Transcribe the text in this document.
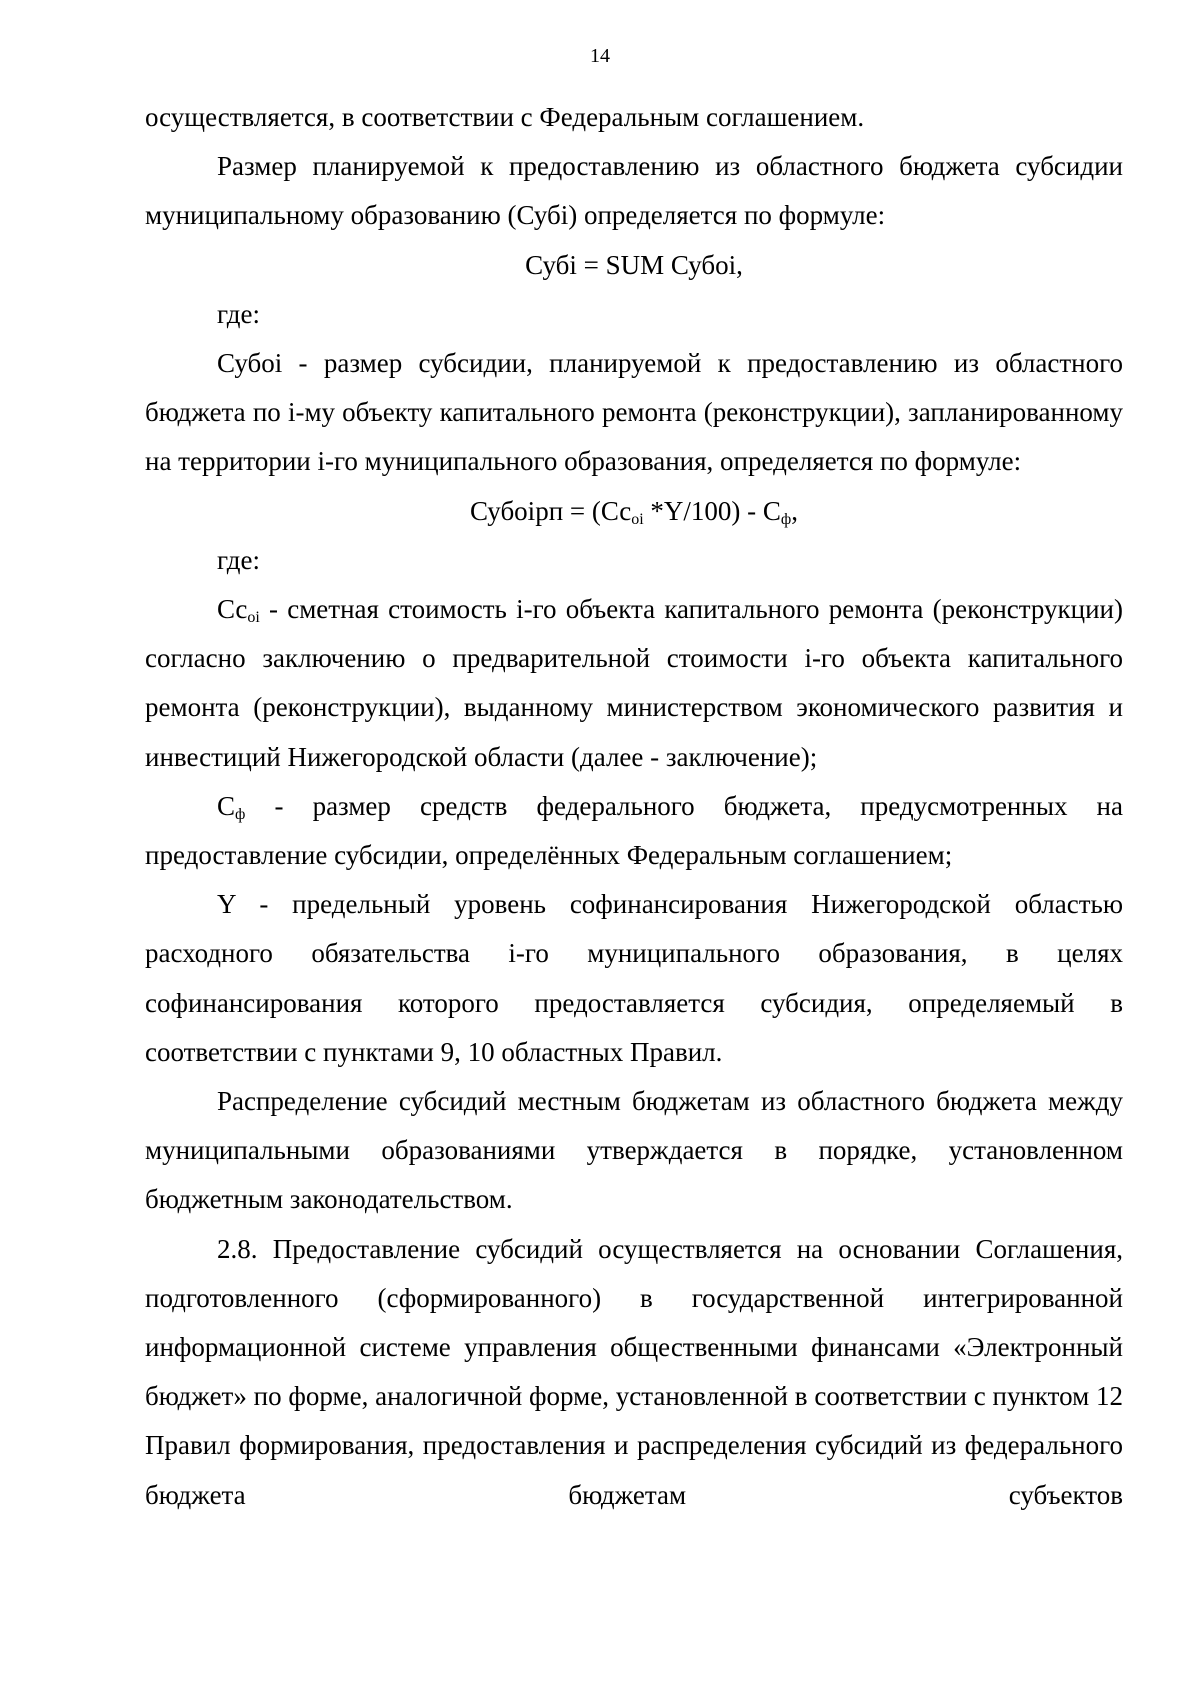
14

осуществляется, в соответствии с Федеральным соглашением.

Размер планируемой к предоставлению из областного бюджета субсидии муниципальному образованию (Субi) определяется по формуле:

Субi = SUM Субоi,

где:

Субоi - размер субсидии, планируемой к предоставлению из областного бюджета по i-му объекту капитального ремонта (реконструкции), запланированному на территории i-го муниципального образования, определяется по формуле:

Субоiрп = ($Сс_{oi}$ $*Y/100) - С_ф$,

где:

$Сс_{oi}$ - сметная стоимость i-го объекта капитального ремонта (реконструкции) согласно заключению о предварительной стоимости i-го объекта капитального ремонта (реконструкции), выданному министерством экономического развития и инвестиций Нижегородской области (далее - заключение);

$С_ф$ - размер средств федерального бюджета, предусмотренных на предоставление субсидии, определённых Федеральным соглашением;

Y - предельный уровень софинансирования Нижегородской областью расходного обязательства i-го муниципального образования, в целях софинансирования которого предоставляется субсидия, определяемый в соответствии с пунктами 9, 10 областных Правил.

Распределение субсидий местным бюджетам из областного бюджета между муниципальными образованиями утверждается в порядке, установленном бюджетным законодательством.

2.8. Предоставление субсидий осуществляется на основании Соглашения, подготовленного (сформированного) в государственной интегрированной информационной системе управления общественными финансами «Электронный бюджет» по форме, аналогичной форме, установленной в соответствии с пунктом 12 Правил формирования, предоставления и распределения субсидий из федерального бюджета бюджетам субъектов
